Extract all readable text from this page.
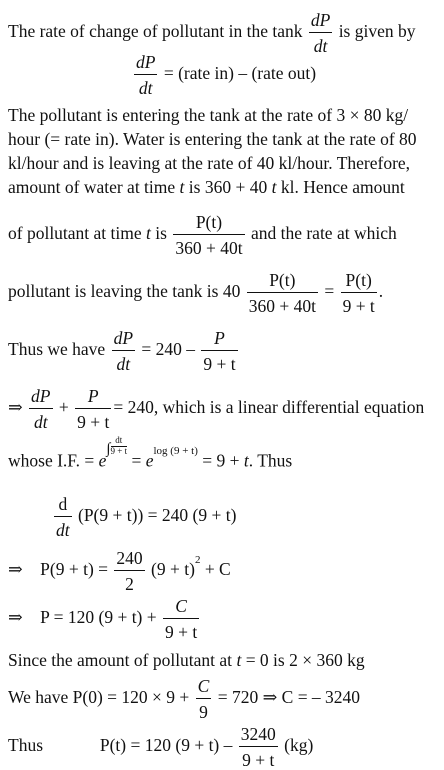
The rate of change of pollutant in the tank $\frac{dP}{dt}$ is given by
$\frac{dP}{dt}$ = (rate in) – (rate out)
The pollutant is entering the tank at the rate of 3 × 80 kg/
hour (= rate in). Water is entering the tank at the rate of 80
kl/hour and is leaving at the rate of 40 kl/hour. Therefore,
amount of water at time t is 360 + 40 t kl. Hence amount
of pollutant at time t is $\frac{P(t)}{360 + 40t}$ and the rate at which
pollutant is leaving the tank is $40 \frac{P(t)}{360 + 40t} = \frac{P(t)}{9 + t}$ .
Thus we have $\frac{dP}{dt} = 240 - \frac{P}{9 + t}$
⇒ $\frac{dP}{dt} + \frac{P}{9 + t} = 240$, which is a linear differential equation
whose I.F. = $e\int \frac{dt}{9 + t}$
= $e^{log (9 + t)} = 9 + t$. Thus
$\frac{d}{dt} (P(9 + t)) = 240$ (9 + t)
⇒ $P(9 + t) = \frac{240}{2} (9 + t)^2 + C$
⇒ P = 120 $(9 + t) + \frac{C}{9 + t}$
Since the amount of pollutant at t = 0 is 2 × 360 kg
We have $P(0) = 120 \times 9 + \frac{C}{9} = 720$ ⇒ C = – 3240
Thus	P(t) = 120 $(9 + t) - \frac{3240}{9 + t} (kg)$
